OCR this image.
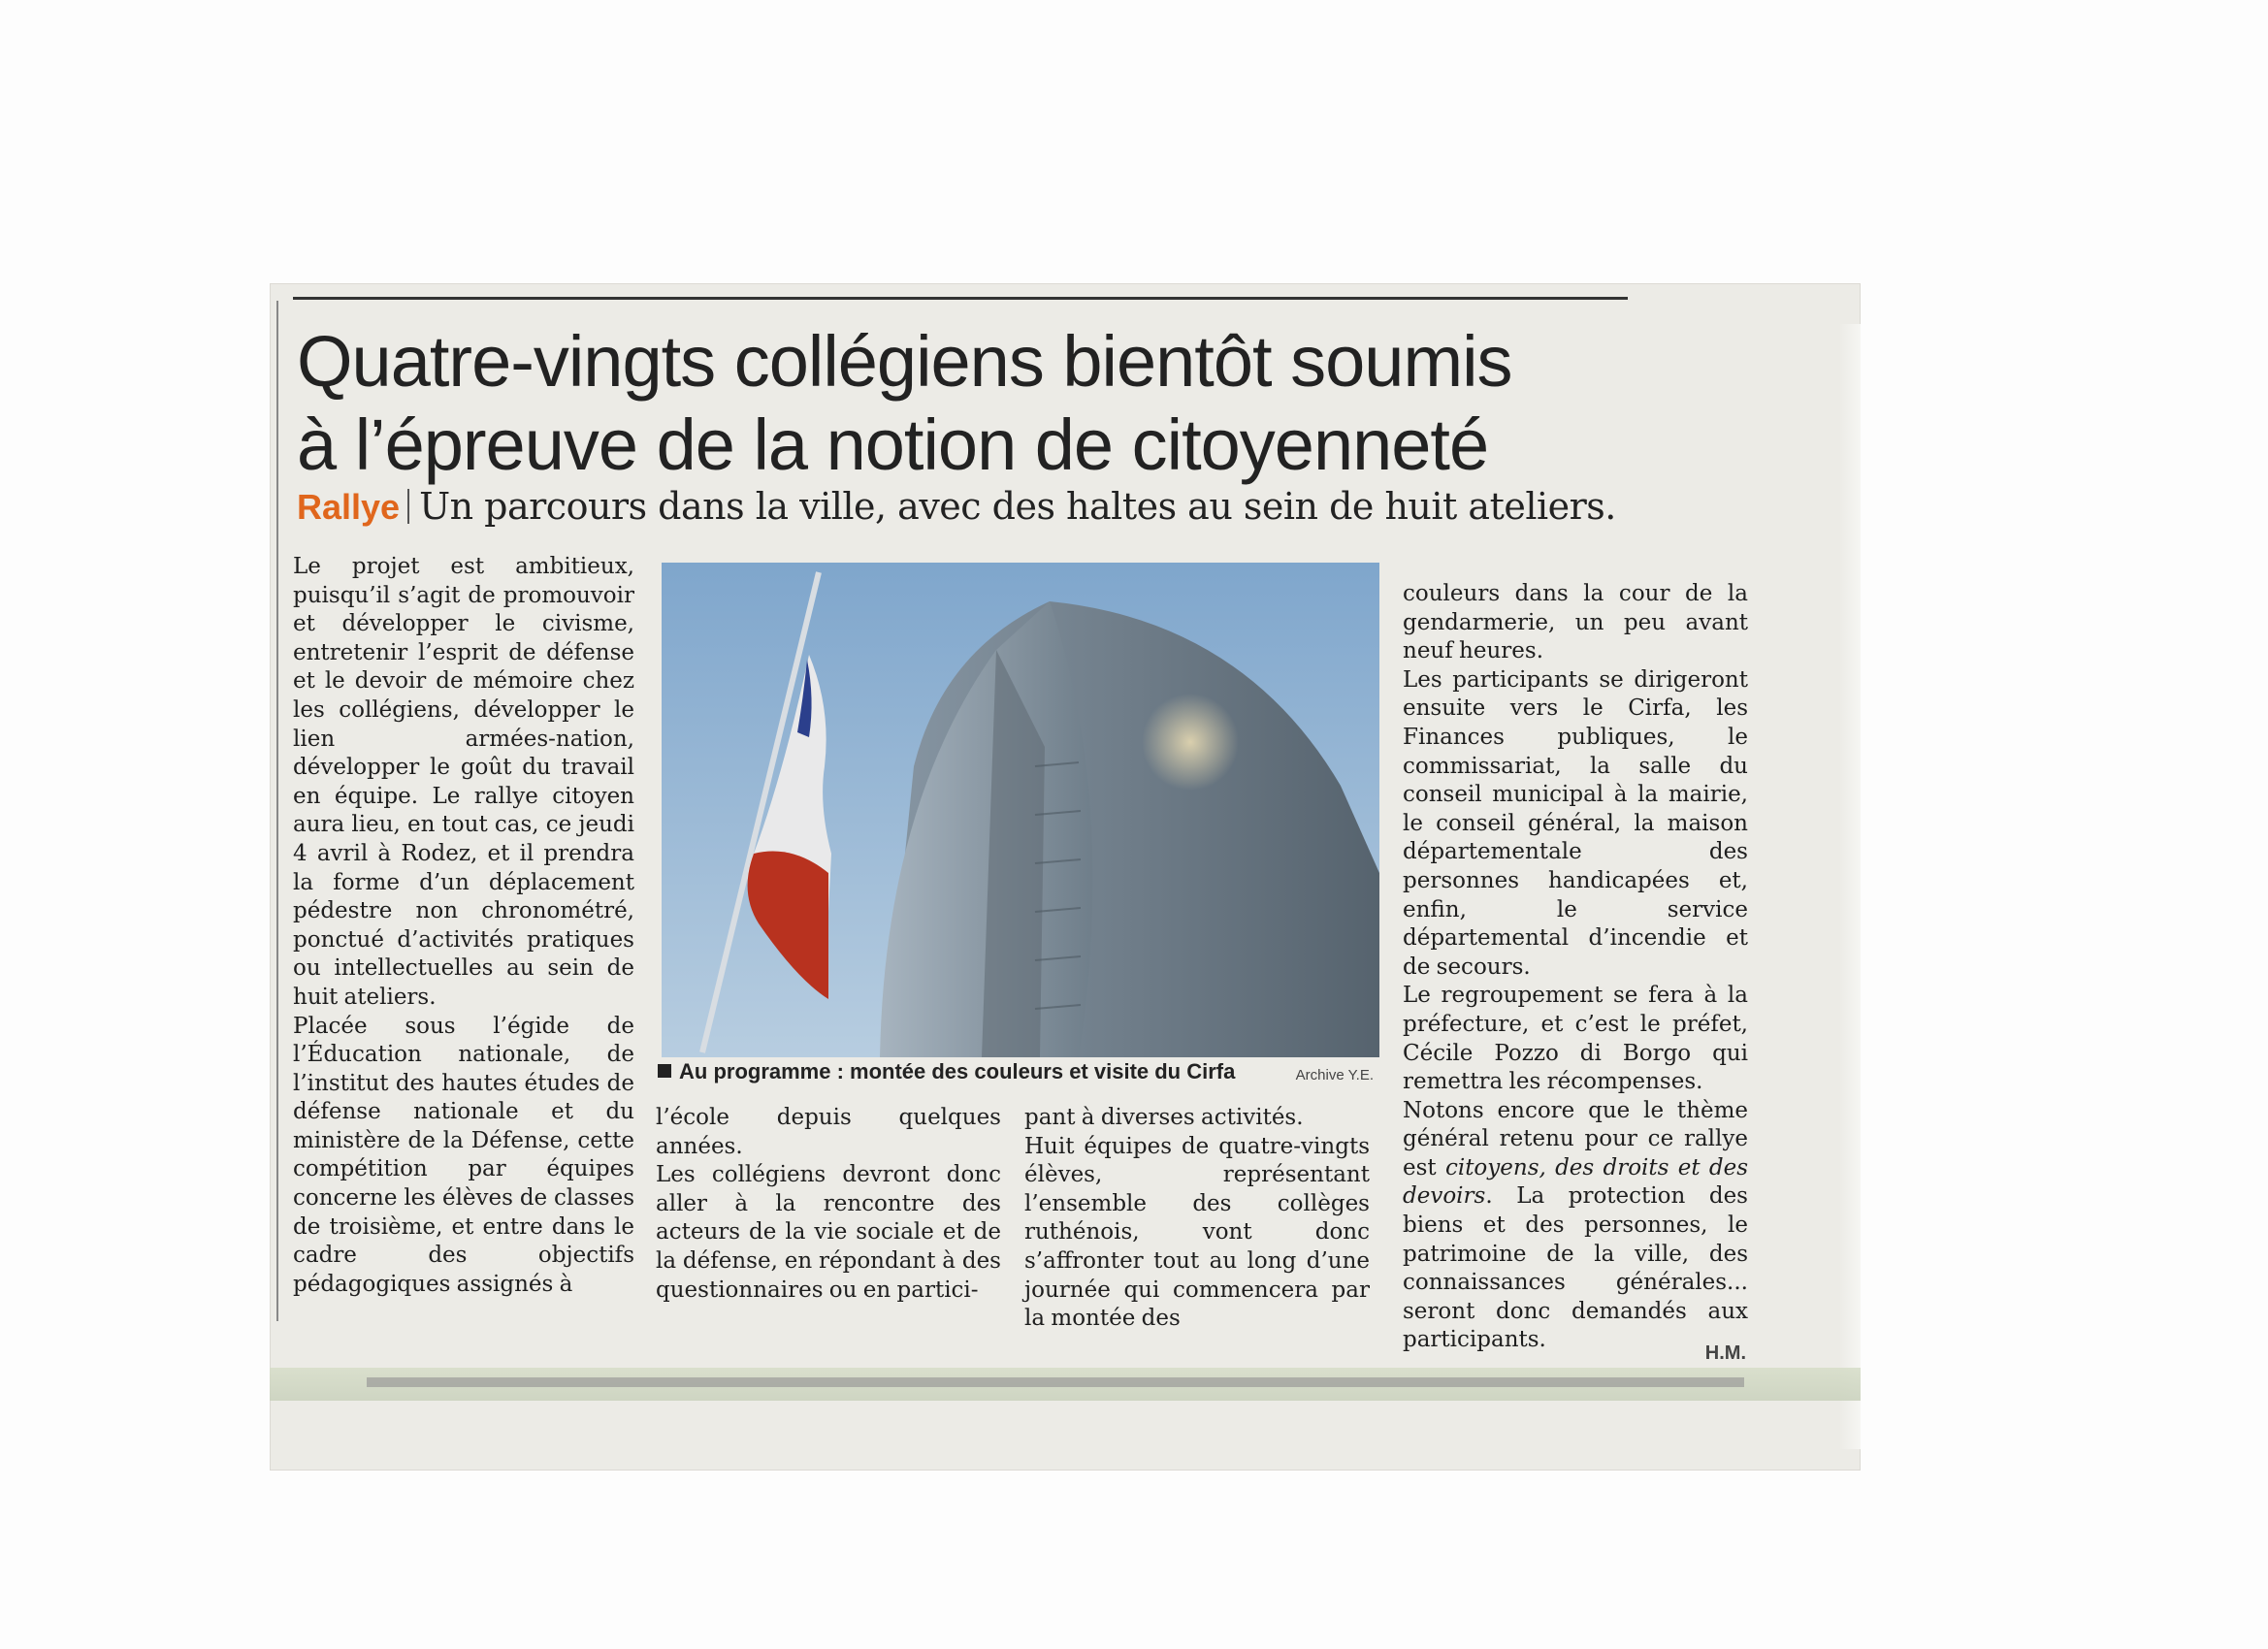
Quatre-vingts collégiens bientôt soumis
à l’épreuve de la notion de citoyenneté
Rallye Un parcours dans la ville, avec des haltes au sein de huit ateliers.

Le projet est ambitieux, puisqu’il s’agit de promouvoir et développer le civisme, entretenir l’esprit de défense et le devoir de mémoire chez les collégiens, développer le lien armées-nation, développer le goût du travail en équipe. Le rallye citoyen aura lieu, en tout cas, ce jeudi 4 avril à Rodez, et il prendra la forme d’un déplacement pédestre non chronométré, ponctué d’activités pratiques ou intellectuelles au sein de huit ateliers.

Placée sous l’égide de l’Éducation nationale, de l’institut des hautes études de défense nationale et du ministère de la Défense, cette compétition par équipes concerne les élèves de classes de troisième, et entre dans le cadre des objectifs pédagogiques assignés à

Au programme : montée des couleurs et visite du Cirfa	Archive Y.E.

l’école depuis quelques années.

Les collégiens devront donc aller à la rencontre des acteurs de la vie sociale et de la défense, en répondant à des questionnaires ou en partici-

pant à diverses activités.

Huit équipes de quatre-vingts élèves, représentant l’ensemble des collèges ruthénois, vont donc s’affronter tout au long d’une journée qui commencera par la montée des

couleurs dans la cour de la gendarmerie, un peu avant neuf heures.

Les participants se dirigeront ensuite vers le Cirfa, les Finances publiques, le commissariat, la salle du conseil municipal à la mairie, le conseil général, la maison départementale des personnes handicapées et, enfin, le service départemental d’incendie et de secours.

Le regroupement se fera à la préfecture, et c’est le préfet, Cécile Pozzo di Borgo qui remettra les récompenses.

Notons encore que le thème général retenu pour ce rallye est citoyens, des droits et des devoirs. La protection des biens et des personnes, le patrimoine de la ville, des connaissances générales... seront donc demandés aux participants.

H.M.
